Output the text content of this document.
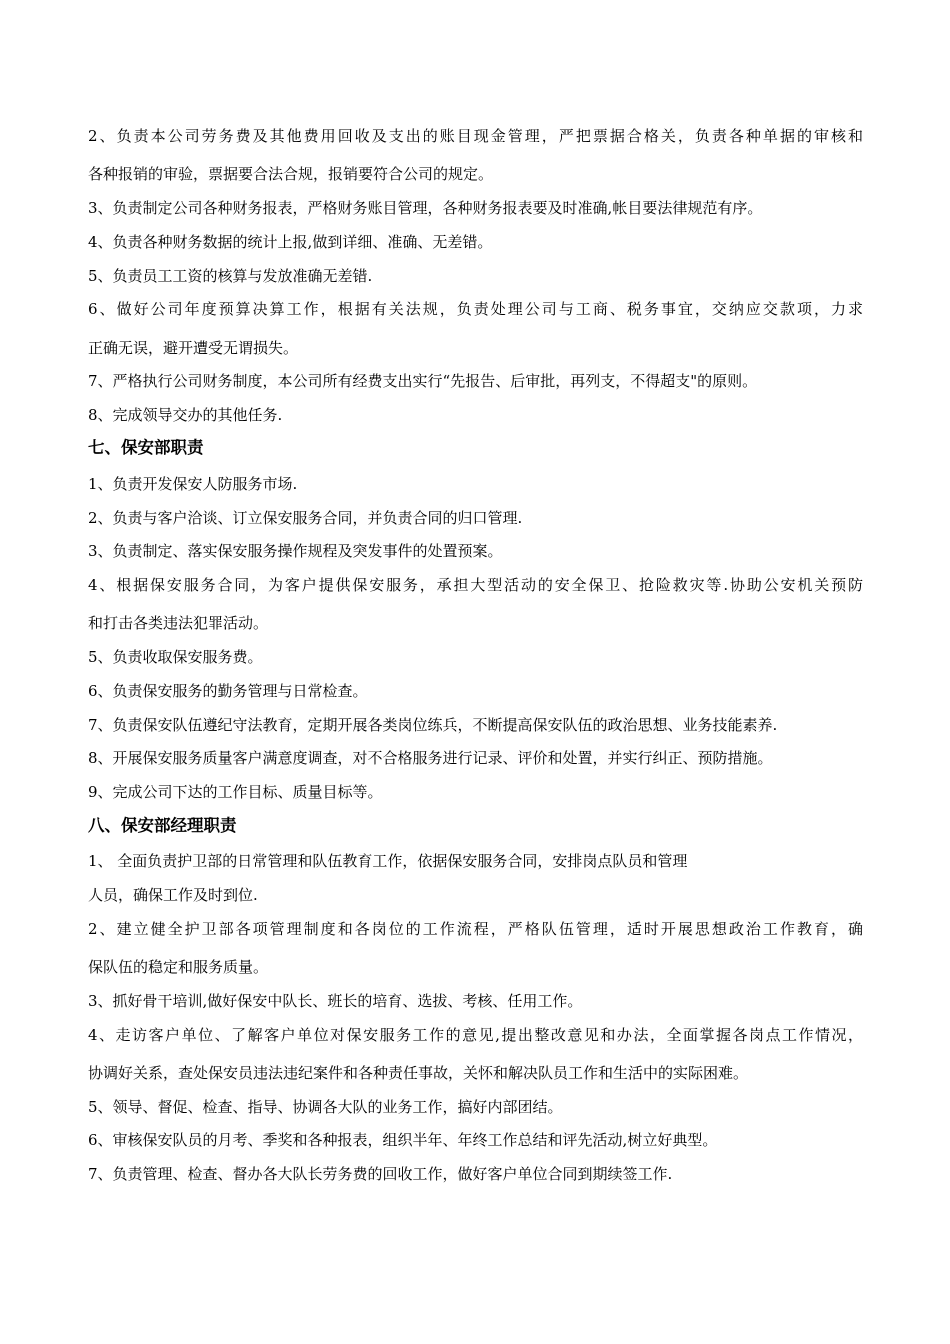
2、负责本公司劳务费及其他费用回收及支出的账目现金管理，严把票据合格关，负责各种单据的审核和
各种报销的审验，票据要合法合规，报销要符合公司的规定。
3、负责制定公司各种财务报表，严格财务账目管理，各种财务报表要及时准确,帐目要法律规范有序。
4、负责各种财务数据的统计上报,做到详细、准确、无差错。
5、负责员工工资的核算与发放准确无差错.
6、做好公司年度预算决算工作，根据有关法规，负责处理公司与工商、税务事宜，交纳应交款项，力求
正确无误，避开遭受无谓损失。
7、严格执行公司财务制度，本公司所有经费支出实行“先报告、后审批，再列支，不得超支"的原则。
8、完成领导交办的其他任务.
七、保安部职责
1、负责开发保安人防服务市场.
2、负责与客户洽谈、订立保安服务合同，并负责合同的归口管理.
3、负责制定、落实保安服务操作规程及突发事件的处置预案。
4、根据保安服务合同，为客户提供保安服务，承担大型活动的安全保卫、抢险救灾等.协助公安机关预防
和打击各类违法犯罪活动。
5、负责收取保安服务费。
6、负责保安服务的勤务管理与日常检查。
7、负责保安队伍遵纪守法教育，定期开展各类岗位练兵，不断提高保安队伍的政治思想、业务技能素养.
8、开展保安服务质量客户满意度调查，对不合格服务进行记录、评价和处置，并实行纠正、预防措施。
9、完成公司下达的工作目标、质量目标等。
八、保安部经理职责
1、 全面负责护卫部的日常管理和队伍教育工作，依据保安服务合同，安排岗点队员和管理
人员，确保工作及时到位.
2、建立健全护卫部各项管理制度和各岗位的工作流程，严格队伍管理，适时开展思想政治工作教育，确
保队伍的稳定和服务质量。
3、抓好骨干培训,做好保安中队长、班长的培育、选拔、考核、任用工作。
4、走访客户单位、了解客户单位对保安服务工作的意见,提出整改意见和办法，全面掌握各岗点工作情况，
协调好关系，查处保安员违法违纪案件和各种责任事故，关怀和解决队员工作和生活中的实际困难。
5、领导、督促、检查、指导、协调各大队的业务工作，搞好内部团结。
6、审核保安队员的月考、季奖和各种报表，组织半年、年终工作总结和评先活动,树立好典型。
7、负责管理、检查、督办各大队长劳务费的回收工作，做好客户单位合同到期续签工作.
